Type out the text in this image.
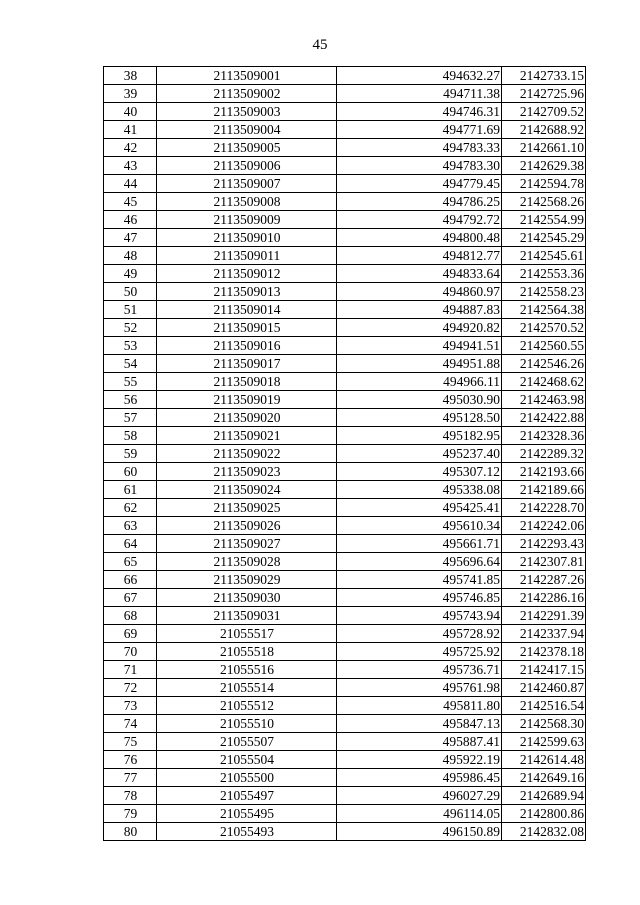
45
38	2113509001	494632.27	2142733.15
39	2113509002	494711.38	2142725.96
40	2113509003	494746.31	2142709.52
41	2113509004	494771.69	2142688.92
42	2113509005	494783.33	2142661.10
43	2113509006	494783.30	2142629.38
44	2113509007	494779.45	2142594.78
45	2113509008	494786.25	2142568.26
46	2113509009	494792.72	2142554.99
47	2113509010	494800.48	2142545.29
48	2113509011	494812.77	2142545.61
49	2113509012	494833.64	2142553.36
50	2113509013	494860.97	2142558.23
51	2113509014	494887.83	2142564.38
52	2113509015	494920.82	2142570.52
53	2113509016	494941.51	2142560.55
54	2113509017	494951.88	2142546.26
55	2113509018	494966.11	2142468.62
56	2113509019	495030.90	2142463.98
57	2113509020	495128.50	2142422.88
58	2113509021	495182.95	2142328.36
59	2113509022	495237.40	2142289.32
60	2113509023	495307.12	2142193.66
61	2113509024	495338.08	2142189.66
62	2113509025	495425.41	2142228.70
63	2113509026	495610.34	2142242.06
64	2113509027	495661.71	2142293.43
65	2113509028	495696.64	2142307.81
66	2113509029	495741.85	2142287.26
67	2113509030	495746.85	2142286.16
68	2113509031	495743.94	2142291.39
69	21055517	495728.92	2142337.94
70	21055518	495725.92	2142378.18
71	21055516	495736.71	2142417.15
72	21055514	495761.98	2142460.87
73	21055512	495811.80	2142516.54
74	21055510	495847.13	2142568.30
75	21055507	495887.41	2142599.63
76	21055504	495922.19	2142614.48
77	21055500	495986.45	2142649.16
78	21055497	496027.29	2142689.94
79	21055495	496114.05	2142800.86
80	21055493	496150.89	2142832.08
